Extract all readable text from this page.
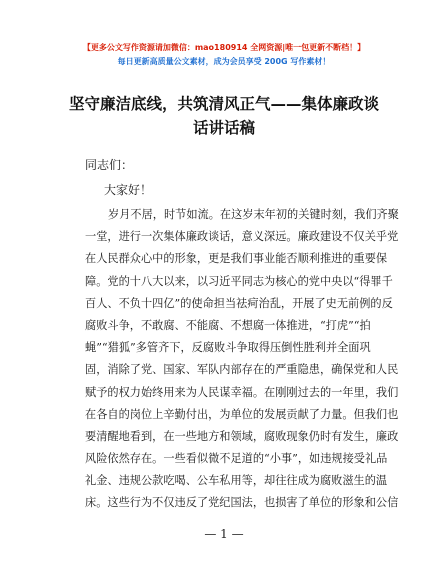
【更多公文写作资源请加微信：mao180914 全网资源|唯一包更新不断档！】
每日更新高质量公文素材，成为会员享受 200G 写作素材！
坚守廉洁底线，共筑清风正气——集体廉政谈
话讲话稿
同志们：
大家好！
岁月不居，时节如流。在这岁末年初的关键时刻，我们齐聚
一堂，进行一次集体廉政谈话，意义深远。廉政建设不仅关乎党
在人民群众心中的形象，更是我们事业能否顺利推进的重要保
障。党的十八大以来，以习近平同志为核心的党中央以“得罪千
百人、不负十四亿”的使命担当祛疴治乱，开展了史无前例的反
腐败斗争，不敢腐、不能腐、不想腐一体推进，“打虎”“拍
蝇”“猎狐”多管齐下，反腐败斗争取得压倒性胜利并全面巩
固，消除了党、国家、军队内部存在的严重隐患，确保党和人民
赋予的权力始终用来为人民谋幸福。在刚刚过去的一年里，我们
在各自的岗位上辛勤付出，为单位的发展贡献了力量。但我们也
要清醒地看到，在一些地方和领域，腐败现象仍时有发生，廉政
风险依然存在。一些看似微不足道的“小事”，如违规接受礼品
礼金、违规公款吃喝、公车私用等，却往往成为腐败滋生的温
床。这些行为不仅违反了党纪国法，也损害了单位的形象和公信
— 1 —
